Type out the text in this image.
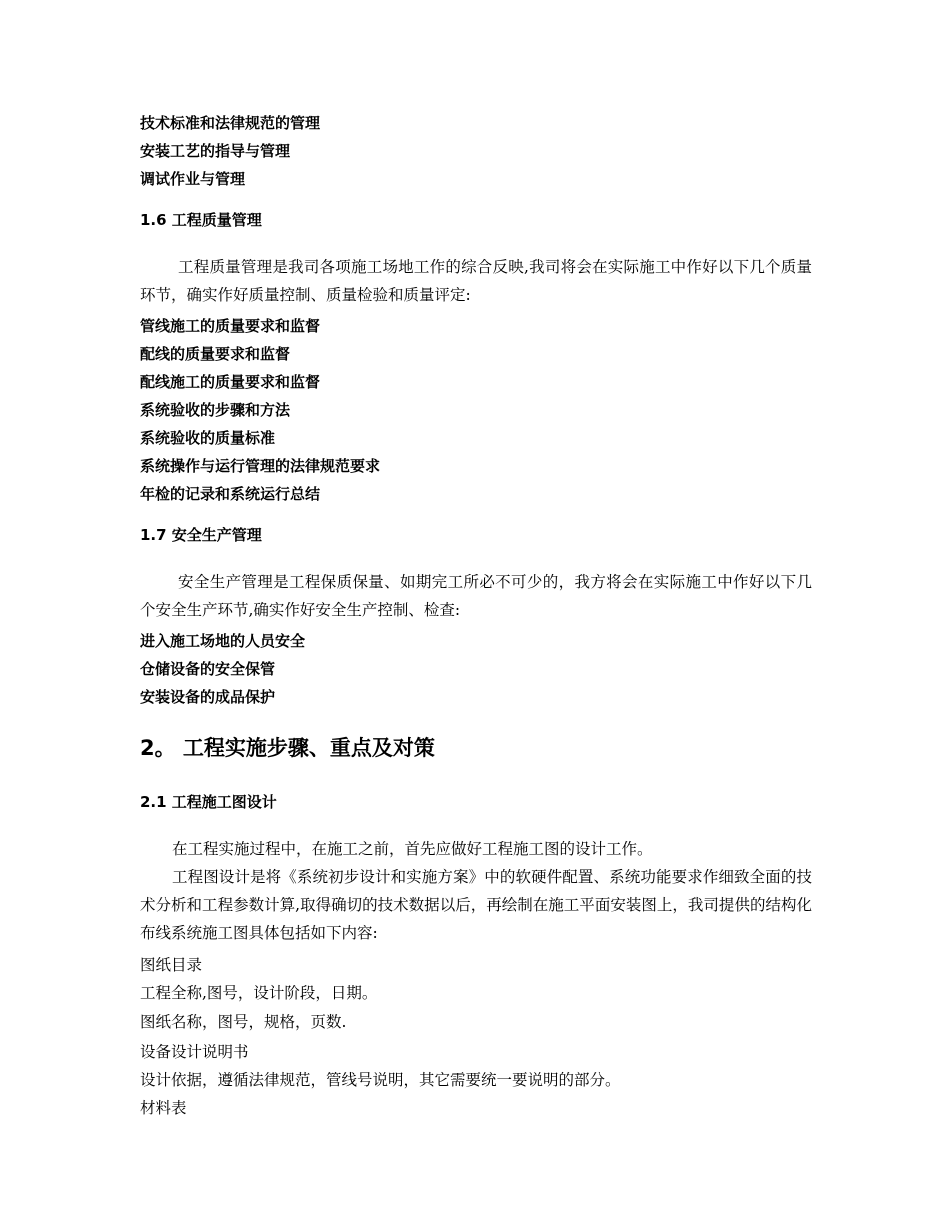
技术标准和法律规范的管理
安装工艺的指导与管理
调试作业与管理
1.6 工程质量管理
工程质量管理是我司各项施工场地工作的综合反映,我司将会在实际施工中作好以下几个质量环节，确实作好质量控制、质量检验和质量评定:
管线施工的质量要求和监督
配线的质量要求和监督
配线施工的质量要求和监督
系统验收的步骤和方法
系统验收的质量标准
系统操作与运行管理的法律规范要求
年检的记录和系统运行总结
1.7 安全生产管理
安全生产管理是工程保质保量、如期完工所必不可少的，我方将会在实际施工中作好以下几个安全生产环节,确实作好安全生产控制、检查:
进入施工场地的人员安全
仓储设备的安全保管
安装设备的成品保护
2。 工程实施步骤、重点及对策
2.1 工程施工图设计
在工程实施过程中，在施工之前，首先应做好工程施工图的设计工作。
工程图设计是将《系统初步设计和实施方案》中的软硬件配置、系统功能要求作细致全面的技术分析和工程参数计算,取得确切的技术数据以后，再绘制在施工平面安装图上，我司提供的结构化布线系统施工图具体包括如下内容:
图纸目录
工程全称,图号，设计阶段，日期。
图纸名称，图号，规格，页数.
设备设计说明书
设计依据，遵循法律规范，管线号说明，其它需要统一要说明的部分。
材料表
